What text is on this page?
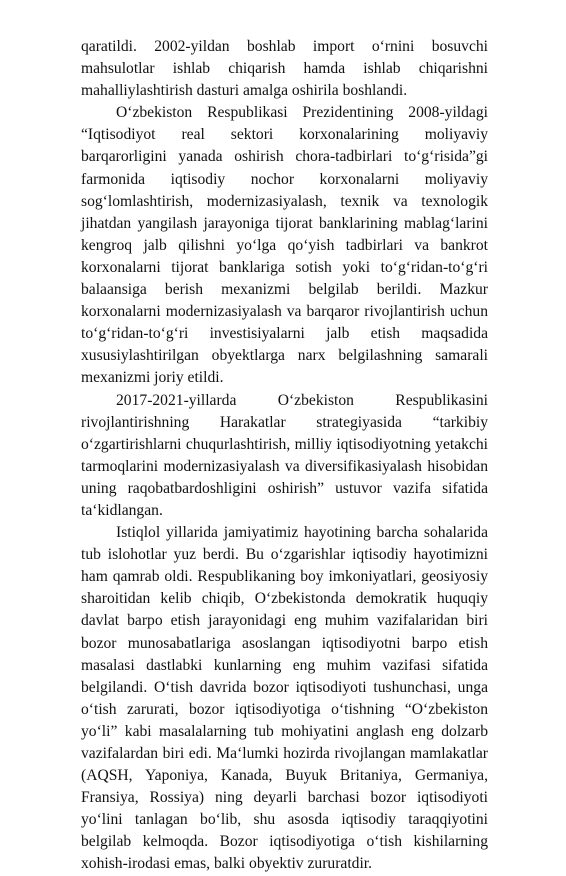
qaratildi. 2002-yildan boshlab import o‘rnini bosuvchi mahsulotlar ishlab chiqarish hamda ishlab chiqarishni mahalliylashtirish dasturi amalga oshirila boshlandi.

O‘zbekiston Respublikasi Prezidentining 2008-yildagi “Iqtisodiyot real sektori korxonalarining moliyaviy barqarorligini yanada oshirish chora-tadbirlari to‘g‘risida”gi farmonida iqtisodiy nochor korxonalarni moliyaviy sog‘lomlashtirish, modernizasiyalash, texnik va texnologik jihatdan yangilash jarayoniga tijorat banklarining mablag‘larini kengroq jalb qilishni yo‘lga qo‘yish tadbirlari va bankrot korxonalarni tijorat banklariga sotish yoki to‘g‘ridan-to‘g‘ri balaansiga berish mexanizmi belgilab berildi. Mazkur korxonalarni modernizasiyalash va barqaror rivojlantirish uchun to‘g‘ridan-to‘g‘ri investisiyalarni jalb etish maqsadida xususiylashtirilgan obyektlarga narx belgilashning samarali mexanizmi joriy etildi.

2017-2021-yillarda O‘zbekiston Respublikasini rivojlantirishning Harakatlar strategiyasida “tarkibiy o‘zgartirishlarni chuqurlashtirish, milliy iqtisodiyotning yetakchi tarmoqlarini modernizasiyalash va diversifikasiyalash hisobidan uning raqobatbardoshligini oshirish” ustuvor vazifa sifatida ta‘kidlangan.

Istiqlol yillarida jamiyatimiz hayotining barcha sohalarida tub islohotlar yuz berdi. Bu o‘zgarishlar iqtisodiy hayotimizni ham qamrab oldi. Respublikaning boy imkoniyatlari, geosiyosiy sharoitidan kelib chiqib, O‘zbekistonda demokratik huquqiy davlat barpo etish jarayonidagi eng muhim vazifalaridan biri bozor munosabatlariga asoslangan iqtisodiyotni barpo etish masalasi dastlabki kunlarning eng muhim vazifasi sifatida belgilandi. O‘tish davrida bozor iqtisodiyoti tushunchasi, unga o‘tish zarurati, bozor iqtisodiyotiga o‘tishning “O‘zbekiston yo‘li” kabi masalalarning tub mohiyatini anglash eng dolzarb vazifalardan biri edi. Ma‘lumki hozirda rivojlangan mamlakatlar (AQSH, Yaponiya, Kanada, Buyuk Britaniya, Germaniya, Fransiya, Rossiya) ning deyarli barchasi bozor iqtisodiyoti yo‘lini tanlagan bo‘lib, shu asosda iqtisodiy taraqqiyotini belgilab kelmoqda. Bozor iqtisodiyotiga o‘tish kishilarning xohish-irodasi emas, balki obyektiv zururatdir.
